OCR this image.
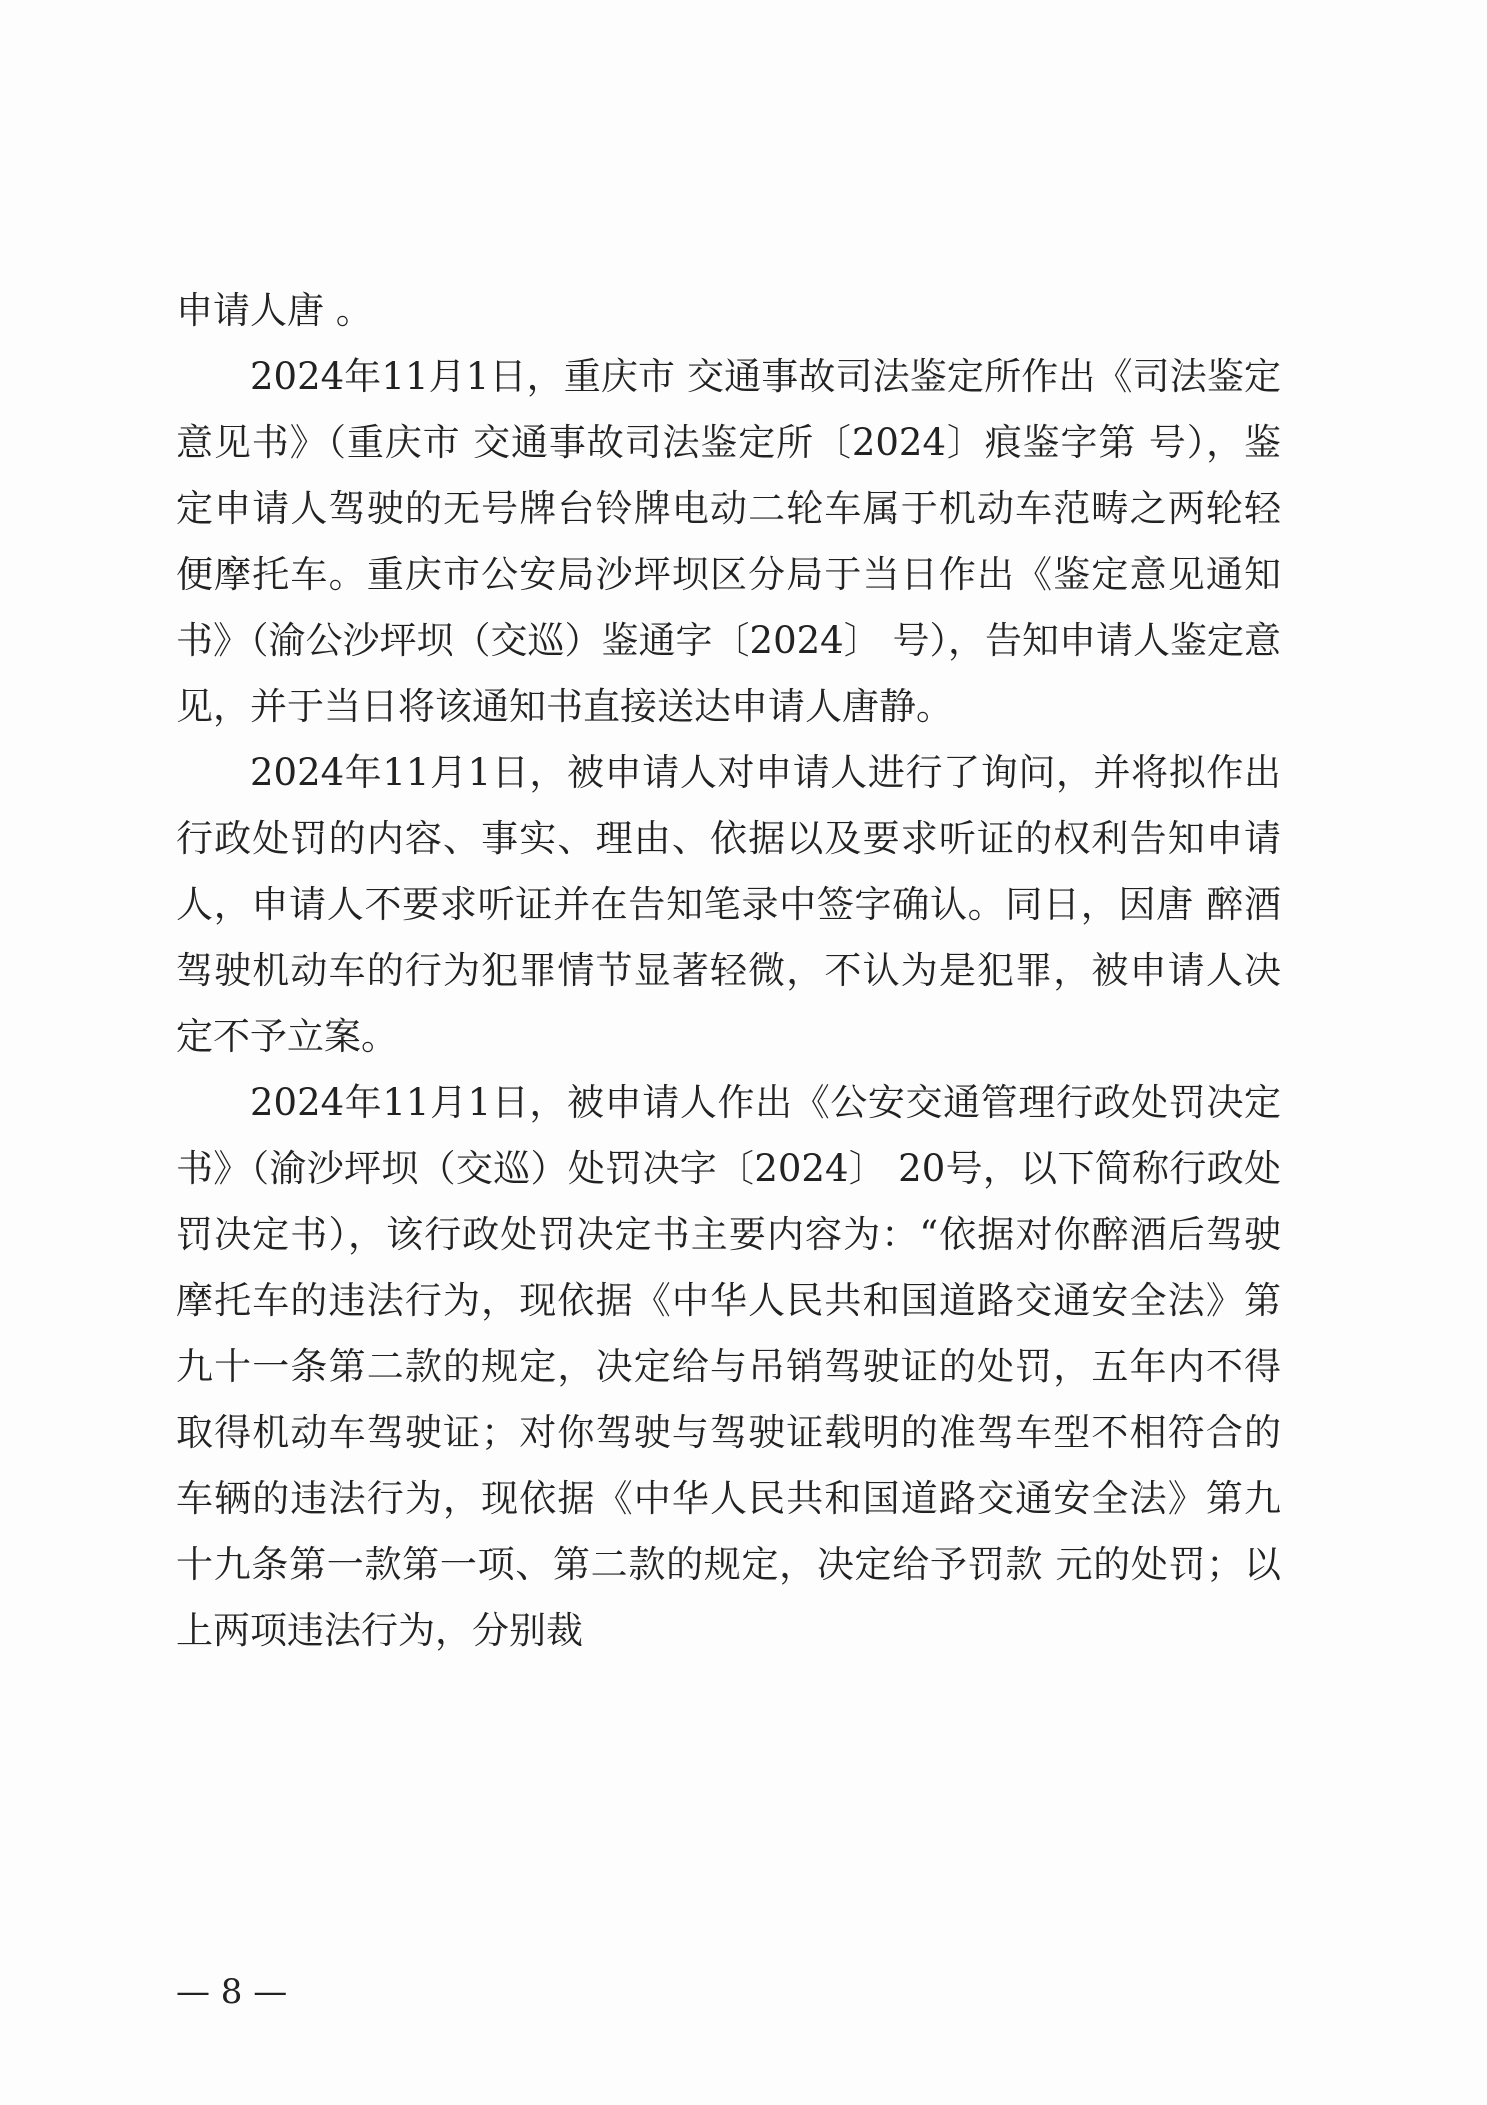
申请人唐 。

2024年11月1日，重庆市 交通事故司法鉴定所作出《司法鉴定意见书》（重庆市 交通事故司法鉴定所〔2024〕痕鉴字第 号），鉴定申请人驾驶的无号牌台铃牌电动二轮车属于机动车范畴之两轮轻便摩托车。重庆市公安局沙坪坝区分局于当日作出《鉴定意见通知书》（渝公沙坪坝（交巡）鉴通字〔2024〕 号），告知申请人鉴定意见，并于当日将该通知书直接送达申请人唐静。

2024年11月1日，被申请人对申请人进行了询问，并将拟作出行政处罚的内容、事实、理由、依据以及要求听证的权利告知申请人，申请人不要求听证并在告知笔录中签字确认。同日，因唐 醉酒驾驶机动车的行为犯罪情节显著轻微，不认为是犯罪，被申请人决定不予立案。

2024年11月1日，被申请人作出《公安交通管理行政处罚决定书》（渝沙坪坝（交巡）处罚决字〔2024〕 20号，以下简称行政处罚决定书），该行政处罚决定书主要内容为：“依据对你醉酒后驾驶摩托车的违法行为，现依据《中华人民共和国道路交通安全法》第九十一条第二款的规定，决定给与吊销驾驶证的处罚，五年内不得取得机动车驾驶证；对你驾驶与驾驶证载明的准驾车型不相符合的车辆的违法行为，现依据《中华人民共和国道路交通安全法》第九十九条第一款第一项、第二款的规定，决定给予罚款 元的处罚；以上两项违法行为，分别裁

— 8 —
